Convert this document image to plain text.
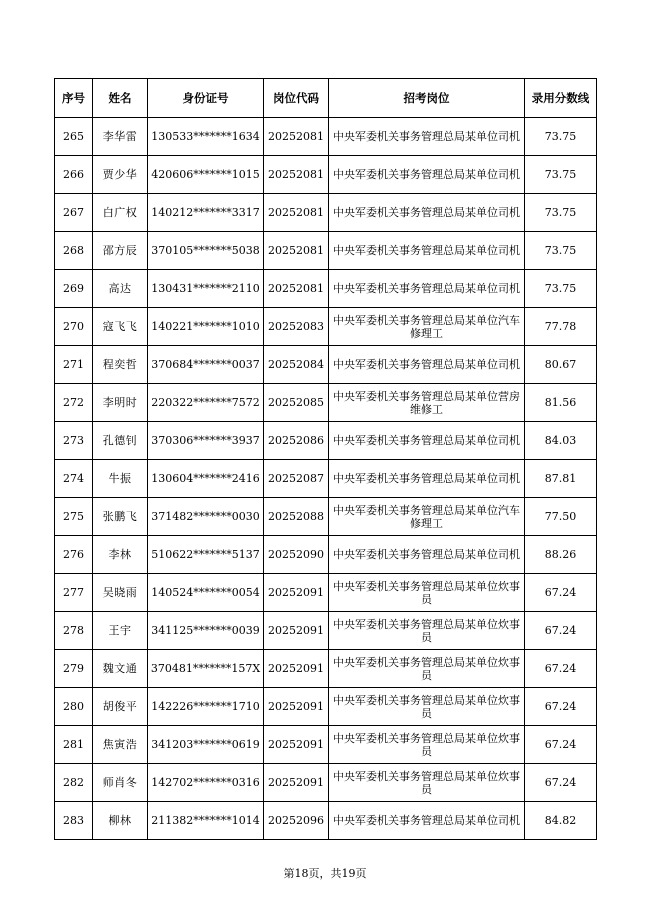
序号	姓名	身份证号	岗位代码	招考岗位	录用分数线
265	李华雷	130533*******1634	20252081	中央军委机关事务管理总局某单位司机	73.75
266	贾少华	420606*******1015	20252081	中央军委机关事务管理总局某单位司机	73.75
267	白广权	140212*******3317	20252081	中央军委机关事务管理总局某单位司机	73.75
268	邵方辰	370105*******5038	20252081	中央军委机关事务管理总局某单位司机	73.75
269	高达	130431*******2110	20252081	中央军委机关事务管理总局某单位司机	73.75
270	寇飞飞	140221*******1010	20252083	中央军委机关事务管理总局某单位汽车修理工	77.78
271	程奕哲	370684*******0037	20252084	中央军委机关事务管理总局某单位司机	80.67
272	李明时	220322*******7572	20252085	中央军委机关事务管理总局某单位营房维修工	81.56
273	孔德钊	370306*******3937	20252086	中央军委机关事务管理总局某单位司机	84.03
274	牛振	130604*******2416	20252087	中央军委机关事务管理总局某单位司机	87.81
275	张鹏飞	371482*******0030	20252088	中央军委机关事务管理总局某单位汽车修理工	77.50
276	李林	510622*******5137	20252090	中央军委机关事务管理总局某单位司机	88.26
277	吴晓雨	140524*******0054	20252091	中央军委机关事务管理总局某单位炊事员	67.24
278	王宇	341125*******0039	20252091	中央军委机关事务管理总局某单位炊事员	67.24
279	魏文通	370481*******157X	20252091	中央军委机关事务管理总局某单位炊事员	67.24
280	胡俊平	142226*******1710	20252091	中央军委机关事务管理总局某单位炊事员	67.24
281	焦寅浩	341203*******0619	20252091	中央军委机关事务管理总局某单位炊事员	67.24
282	师肖冬	142702*******0316	20252091	中央军委机关事务管理总局某单位炊事员	67.24
283	柳林	211382*******1014	20252096	中央军委机关事务管理总局某单位司机	84.82
第18页，共19页
